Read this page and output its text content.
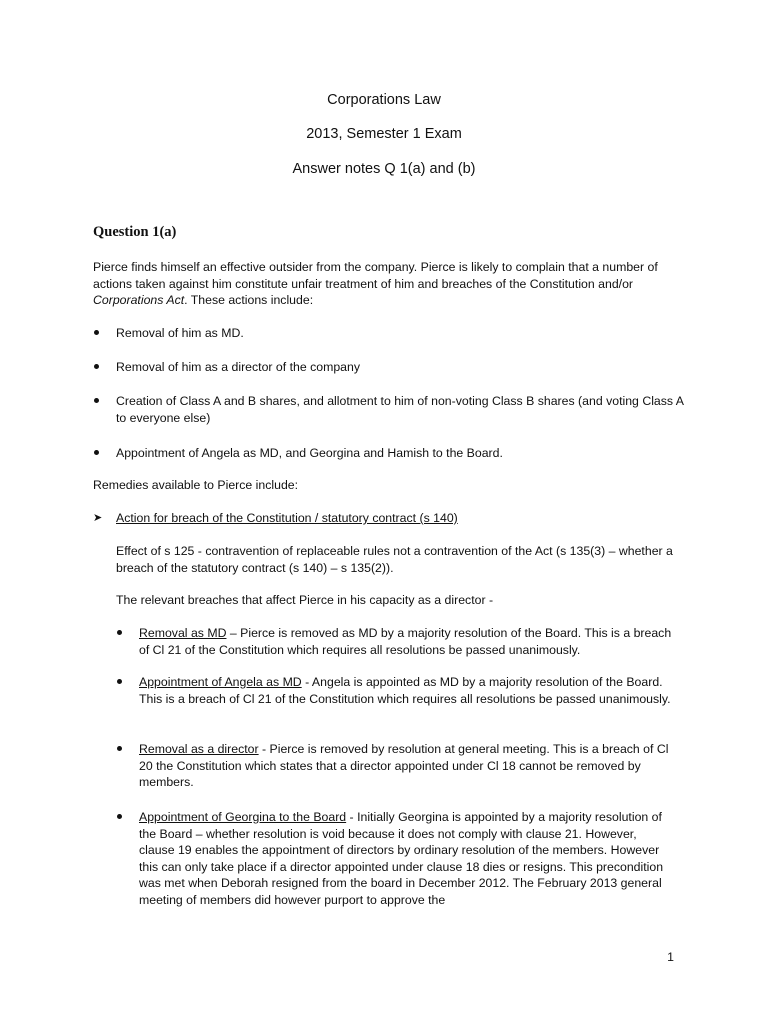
Corporations Law
2013, Semester 1 Exam
Answer notes Q 1(a) and (b)
Question 1(a)
Pierce finds himself an effective outsider from the company. Pierce is likely to complain that a number of actions taken against him constitute unfair treatment of him and breaches of the Constitution and/or Corporations Act. These actions include:
Removal of him as MD.
Removal of him as a director of the company
Creation of Class A and B shares, and allotment to him of non-voting Class B shares (and voting Class A to everyone else)
Appointment of Angela as MD, and Georgina and Hamish to the Board.
Remedies available to Pierce include:
➤	Action for breach of the Constitution / statutory contract (s 140)
Effect of s 125 - contravention of replaceable rules not a contravention of the Act (s 135(3) – whether a breach of the statutory contract (s 140) – s 135(2)).
The relevant breaches that affect Pierce in his capacity as a director -
Removal as MD – Pierce is removed as MD by a majority resolution of the Board. This is a breach of Cl 21 of the Constitution which requires all resolutions be passed unanimously.
Appointment of Angela as MD - Angela is appointed as MD by a majority resolution of the Board. This is a breach of Cl 21 of the Constitution which requires all resolutions be passed unanimously.
Removal as a director - Pierce is removed by resolution at general meeting. This is a breach of Cl 20 the Constitution which states that a director appointed under Cl 18 cannot be removed by members.
Appointment of Georgina to the Board - Initially Georgina is appointed by a majority resolution of the Board – whether resolution is void because it does not comply with clause 21. However, clause 19 enables the appointment of directors by ordinary resolution of the members. However this can only take place if a director appointed under clause 18 dies or resigns. This precondition was met when Deborah resigned from the board in December 2012. The February 2013 general meeting of members did however purport to approve the
1
